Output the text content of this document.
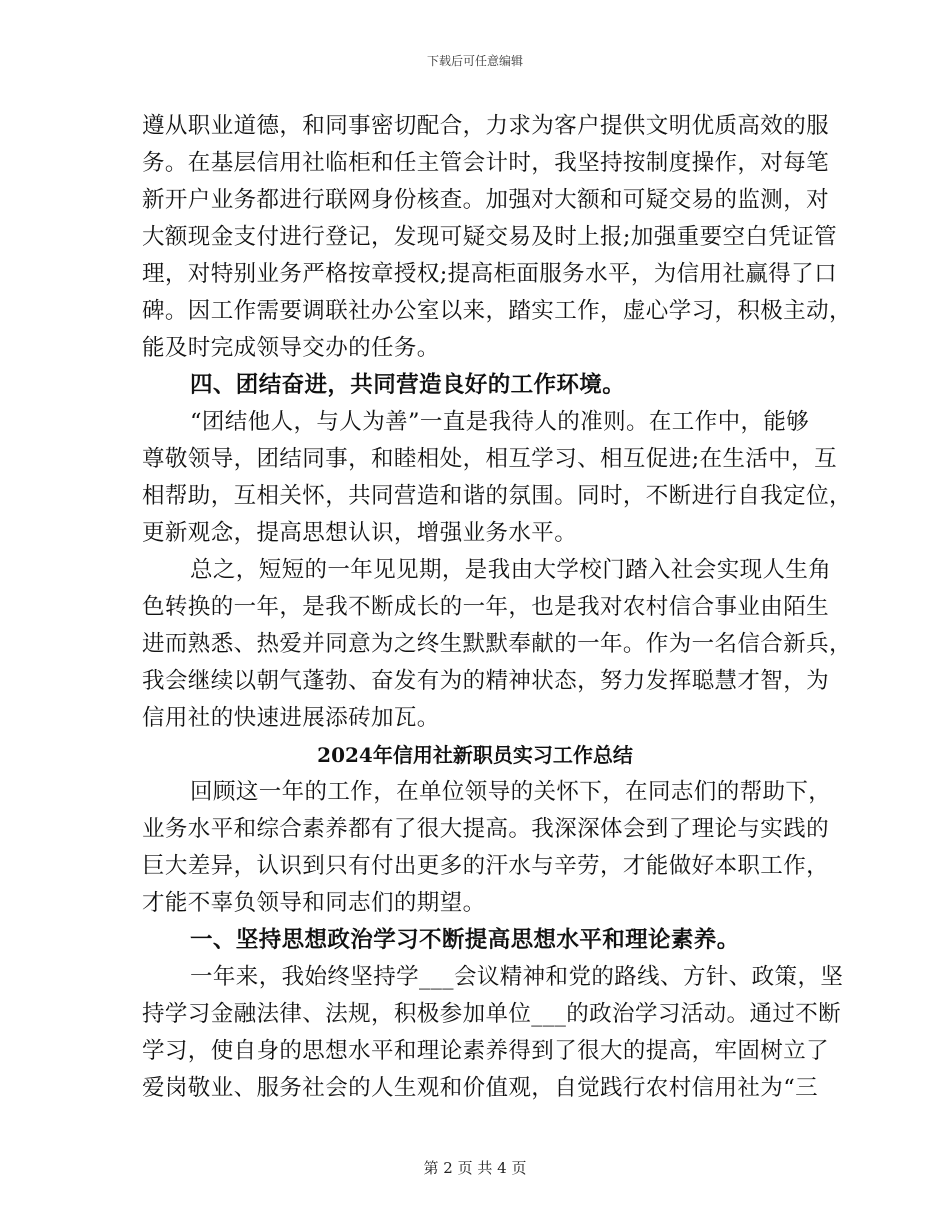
下载后可任意编辑
遵从职业道德，和同事密切配合，力求为客户提供文明优质高效的服
务。在基层信用社临柜和任主管会计时，我坚持按制度操作，对每笔
新开户业务都进行联网身份核查。加强对大额和可疑交易的监测，对
大额现金支付进行登记，发现可疑交易及时上报;加强重要空白凭证管
理，对特别业务严格按章授权;提高柜面服务水平，为信用社赢得了口
碑。因工作需要调联社办公室以来，踏实工作，虚心学习，积极主动，
能及时完成领导交办的任务。
四、团结奋进，共同营造良好的工作环境。
“团结他人，与人为善”一直是我待人的准则。在工作中，能够
尊敬领导，团结同事，和睦相处，相互学习、相互促进;在生活中，互
相帮助，互相关怀，共同营造和谐的氛围。同时，不断进行自我定位，
更新观念，提高思想认识，增强业务水平。
总之，短短的一年见见期，是我由大学校门踏入社会实现人生角
色转换的一年，是我不断成长的一年，也是我对农村信合事业由陌生
进而熟悉、热爱并同意为之终生默默奉献的一年。作为一名信合新兵，
我会继续以朝气蓬勃、奋发有为的精神状态，努力发挥聪慧才智，为
信用社的快速进展添砖加瓦。
2024年信用社新职员实习工作总结
回顾这一年的工作，在单位领导的关怀下，在同志们的帮助下，
业务水平和综合素养都有了很大提高。我深深体会到了理论与实践的
巨大差异，认识到只有付出更多的汗水与辛劳，才能做好本职工作，
才能不辜负领导和同志们的期望。
一、坚持思想政治学习不断提高思想水平和理论素养。
一年来，我始终坚持学___会议精神和党的路线、方针、政策，坚
持学习金融法律、法规，积极参加单位___的政治学习活动。通过不断
学习，使自身的思想水平和理论素养得到了很大的提高，牢固树立了
爱岗敬业、服务社会的人生观和价值观，自觉践行农村信用社为“三
第 2 页 共 4 页
